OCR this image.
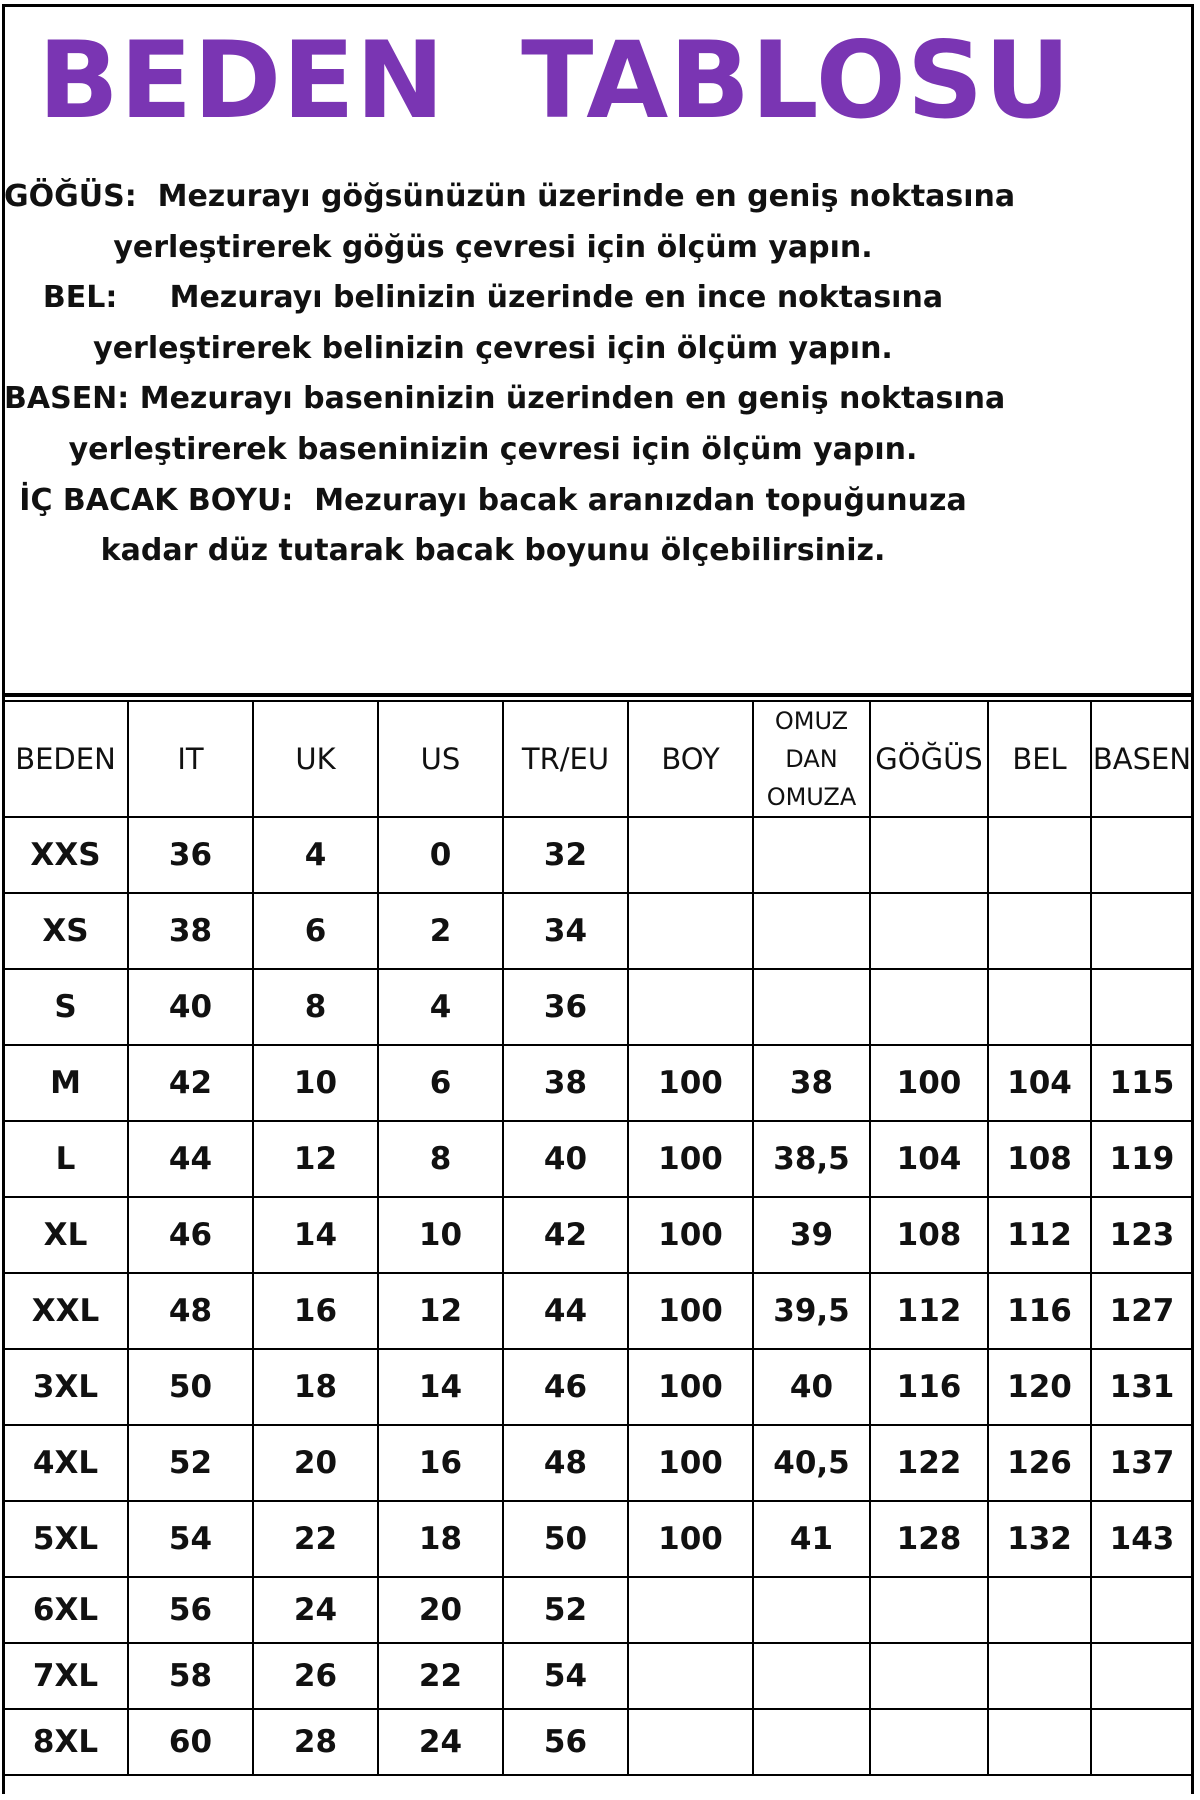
BEDEN  TABLOSU
GÖĞÜS:  Mezurayı göğsünüzün üzerinde en geniş noktasına
yerleştirerek göğüs çevresi için ölçüm yapın.
BEL:     Mezurayı belinizin üzerinde en ince noktasına
yerleştirerek belinizin çevresi için ölçüm yapın.
BASEN: Mezurayı baseninizin üzerinden en geniş noktasına
yerleştirerek baseninizin çevresi için ölçüm yapın.
İÇ BACAK BOYU:  Mezurayı bacak aranızdan topuğunuza
kadar düz tutarak bacak boyunu ölçebilirsiniz.
BEDEN	IT	UK	US	TR/EU	BOY	OMUZ DAN OMUZA	GÖĞÜS	BEL	BASEN
XXS	36	4	0	32					
XS	38	6	2	34					
S	40	8	4	36					
M	42	10	6	38	100	38	100	104	115
L	44	12	8	40	100	38,5	104	108	119
XL	46	14	10	42	100	39	108	112	123
XXL	48	16	12	44	100	39,5	112	116	127
3XL	50	18	14	46	100	40	116	120	131
4XL	52	20	16	48	100	40,5	122	126	137
5XL	54	22	18	50	100	41	128	132	143
6XL	56	24	20	52					
7XL	58	26	22	54					
8XL	60	28	24	56					
